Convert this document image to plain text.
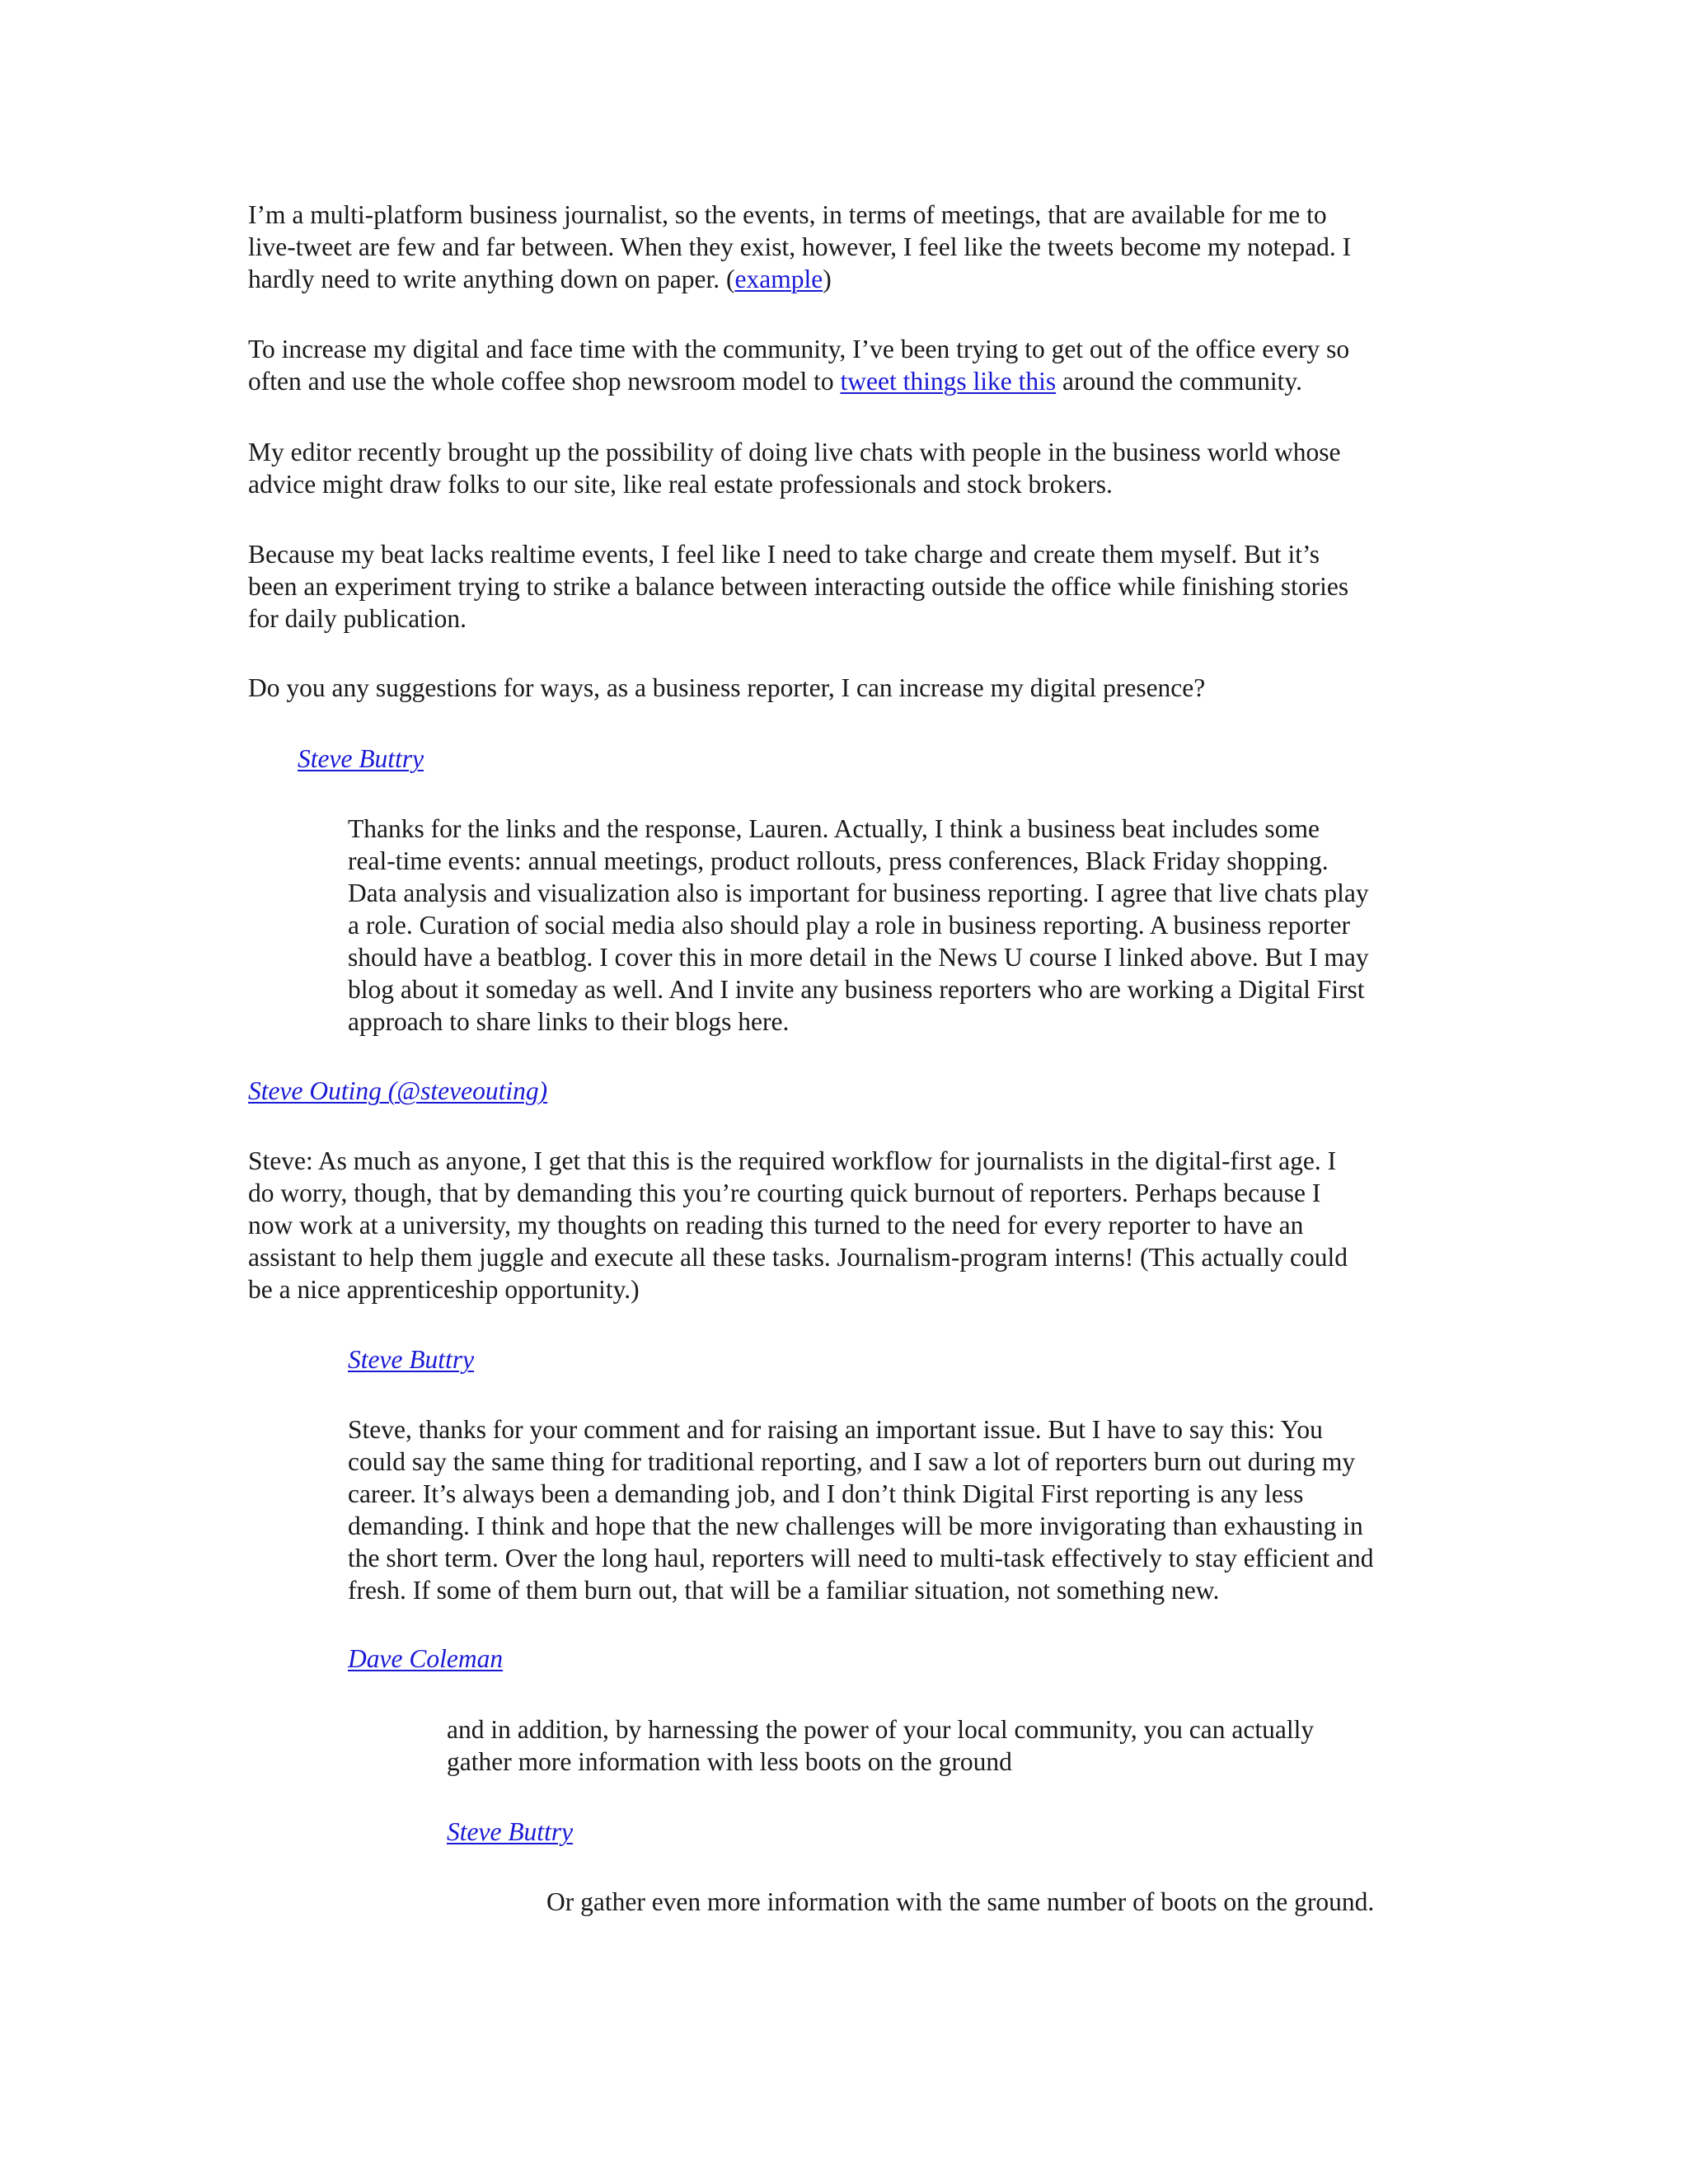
I’m a multi-platform business journalist, so the events, in terms of meetings, that are available for me to
live-tweet are few and far between. When they exist, however, I feel like the tweets become my notepad. I
hardly need to write anything down on paper. (example)
To increase my digital and face time with the community, I’ve been trying to get out of the office every so
often and use the whole coffee shop newsroom model to tweet things like this around the community.
My editor recently brought up the possibility of doing live chats with people in the business world whose
advice might draw folks to our site, like real estate professionals and stock brokers.
Because my beat lacks realtime events, I feel like I need to take charge and create them myself. But it’s
been an experiment trying to strike a balance between interacting outside the office while finishing stories
for daily publication.
Do you any suggestions for ways, as a business reporter, I can increase my digital presence?
Steve Buttry
Thanks for the links and the response, Lauren. Actually, I think a business beat includes some
real-time events: annual meetings, product rollouts, press conferences, Black Friday shopping.
Data analysis and visualization also is important for business reporting. I agree that live chats play
a role. Curation of social media also should play a role in business reporting. A business reporter
should have a beatblog. I cover this in more detail in the News U course I linked above. But I may
blog about it someday as well. And I invite any business reporters who are working a Digital First
approach to share links to their blogs here.
Steve Outing (@steveouting)
Steve: As much as anyone, I get that this is the required workflow for journalists in the digital-first age. I
do worry, though, that by demanding this you’re courting quick burnout of reporters. Perhaps because I
now work at a university, my thoughts on reading this turned to the need for every reporter to have an
assistant to help them juggle and execute all these tasks. Journalism-program interns! (This actually could
be a nice apprenticeship opportunity.)
Steve Buttry
Steve, thanks for your comment and for raising an important issue. But I have to say this: You
could say the same thing for traditional reporting, and I saw a lot of reporters burn out during my
career. It’s always been a demanding job, and I don’t think Digital First reporting is any less
demanding. I think and hope that the new challenges will be more invigorating than exhausting in
the short term. Over the long haul, reporters will need to multi-task effectively to stay efficient and
fresh. If some of them burn out, that will be a familiar situation, not something new.
Dave Coleman
and in addition, by harnessing the power of your local community, you can actually
gather more information with less boots on the ground
Steve Buttry
Or gather even more information with the same number of boots on the ground.
